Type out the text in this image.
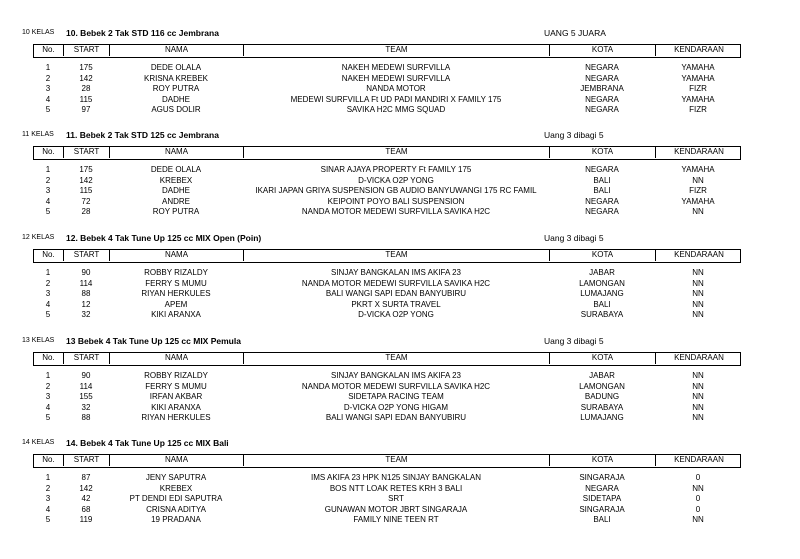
10 KELAS 10. Bebek 2 Tak STD 116 cc Jembrana	UANG 5 JUARA
No.	START	NAMA	TEAM	KOTA	KENDARAAN
1	175	DEDE OLALA	NAKEH MEDEWI SURFVILLA	NEGARA	YAMAHA
2	142	KRISNA KREBEK	NAKEH MEDEWI SURFVILLA	NEGARA	YAMAHA
3	28	ROY PUTRA	NANDA MOTOR	JEMBRANA	FIZR
4	115	DADHE	MEDEWI SURFVILLA Ft UD PADI MANDIRI X FAMILY 175	NEGARA	YAMAHA
5	97	AGUS DOLIR	SAVIKA H2C MMG SQUAD	NEGARA	FIZR
11 KELAS 11. Bebek 2 Tak STD 125 cc Jembrana	Uang 3 dibagi 5
No.	START	NAMA	TEAM	KOTA	KENDARAAN
1	175	DEDE OLALA	SINAR AJAYA PROPERTY Ft FAMILY 175	NEGARA	YAMAHA
2	142	KREBEX	D-VICKA O2P YONG	BALI	NN
3	115	DADHE	IKARI JAPAN GRIYA SUSPENSION GB AUDIO BANYUWANGI 175 RC FAMIL	BALI	FIZR
4	72	ANDRE	KEIPOINT POYO BALI SUSPENSION	NEGARA	YAMAHA
5	28	ROY PUTRA	NANDA MOTOR MEDEWI SURFVILLA SAVIKA H2C	NEGARA	NN
12 KELAS 12. Bebek 4 Tak Tune Up 125 cc MIX Open (Poin)	Uang 3 dibagi 5
No.	START	NAMA	TEAM	KOTA	KENDARAAN
1	90	ROBBY RIZALDY	SINJAY BANGKALAN IMS AKIFA 23	JABAR	NN
2	114	FERRY S MUMU	NANDA MOTOR MEDEWI SURFVILLA SAVIKA H2C	LAMONGAN	NN
3	88	RIYAN HERKULES	BALI WANGI SAPI EDAN BANYUBIRU	LUMAJANG	NN
4	12	APEM	PKRT X SURTA TRAVEL	BALI	NN
5	32	KIKI ARANXA	D-VICKA O2P YONG	SURABAYA	NN
13 KELAS 13 Bebek 4 Tak Tune Up 125 cc MIX Pemula	Uang 3 dibagi 5
No.	START	NAMA	TEAM	KOTA	KENDARAAN
1	90	ROBBY RIZALDY	SINJAY BANGKALAN IMS AKIFA 23	JABAR	NN
2	114	FERRY S MUMU	NANDA MOTOR MEDEWI SURFVILLA SAVIKA H2C	LAMONGAN	NN
3	155	IRFAN AKBAR	SIDETAPA RACING TEAM	BADUNG	NN
4	32	KIKI ARANXA	D-VICKA O2P YONG HIGAM	SURABAYA	NN
5	88	RIYAN HERKULES	BALI WANGI SAPI EDAN BANYUBIRU	LUMAJANG	NN
14 KELAS 14. Bebek 4 Tak Tune Up 125 cc MIX Bali
No.	START	NAMA	TEAM	KOTA	KENDARAAN
1	87	JENY SAPUTRA	IMS AKIFA 23 HPK N125 SINJAY BANGKALAN	SINGARAJA	0
2	142	KREBEX	BOS NTT LOAK RETES KRH 3 BALI	NEGARA	NN
3	42	PT DENDI EDI SAPUTRA	SRT	SIDETAPA	0
4	68	CRISNA ADITYA	GUNAWAN MOTOR JBRT SINGARAJA	SINGARAJA	0
5	119	19 PRADANA	FAMILY NINE TEEN RT	BALI	NN
